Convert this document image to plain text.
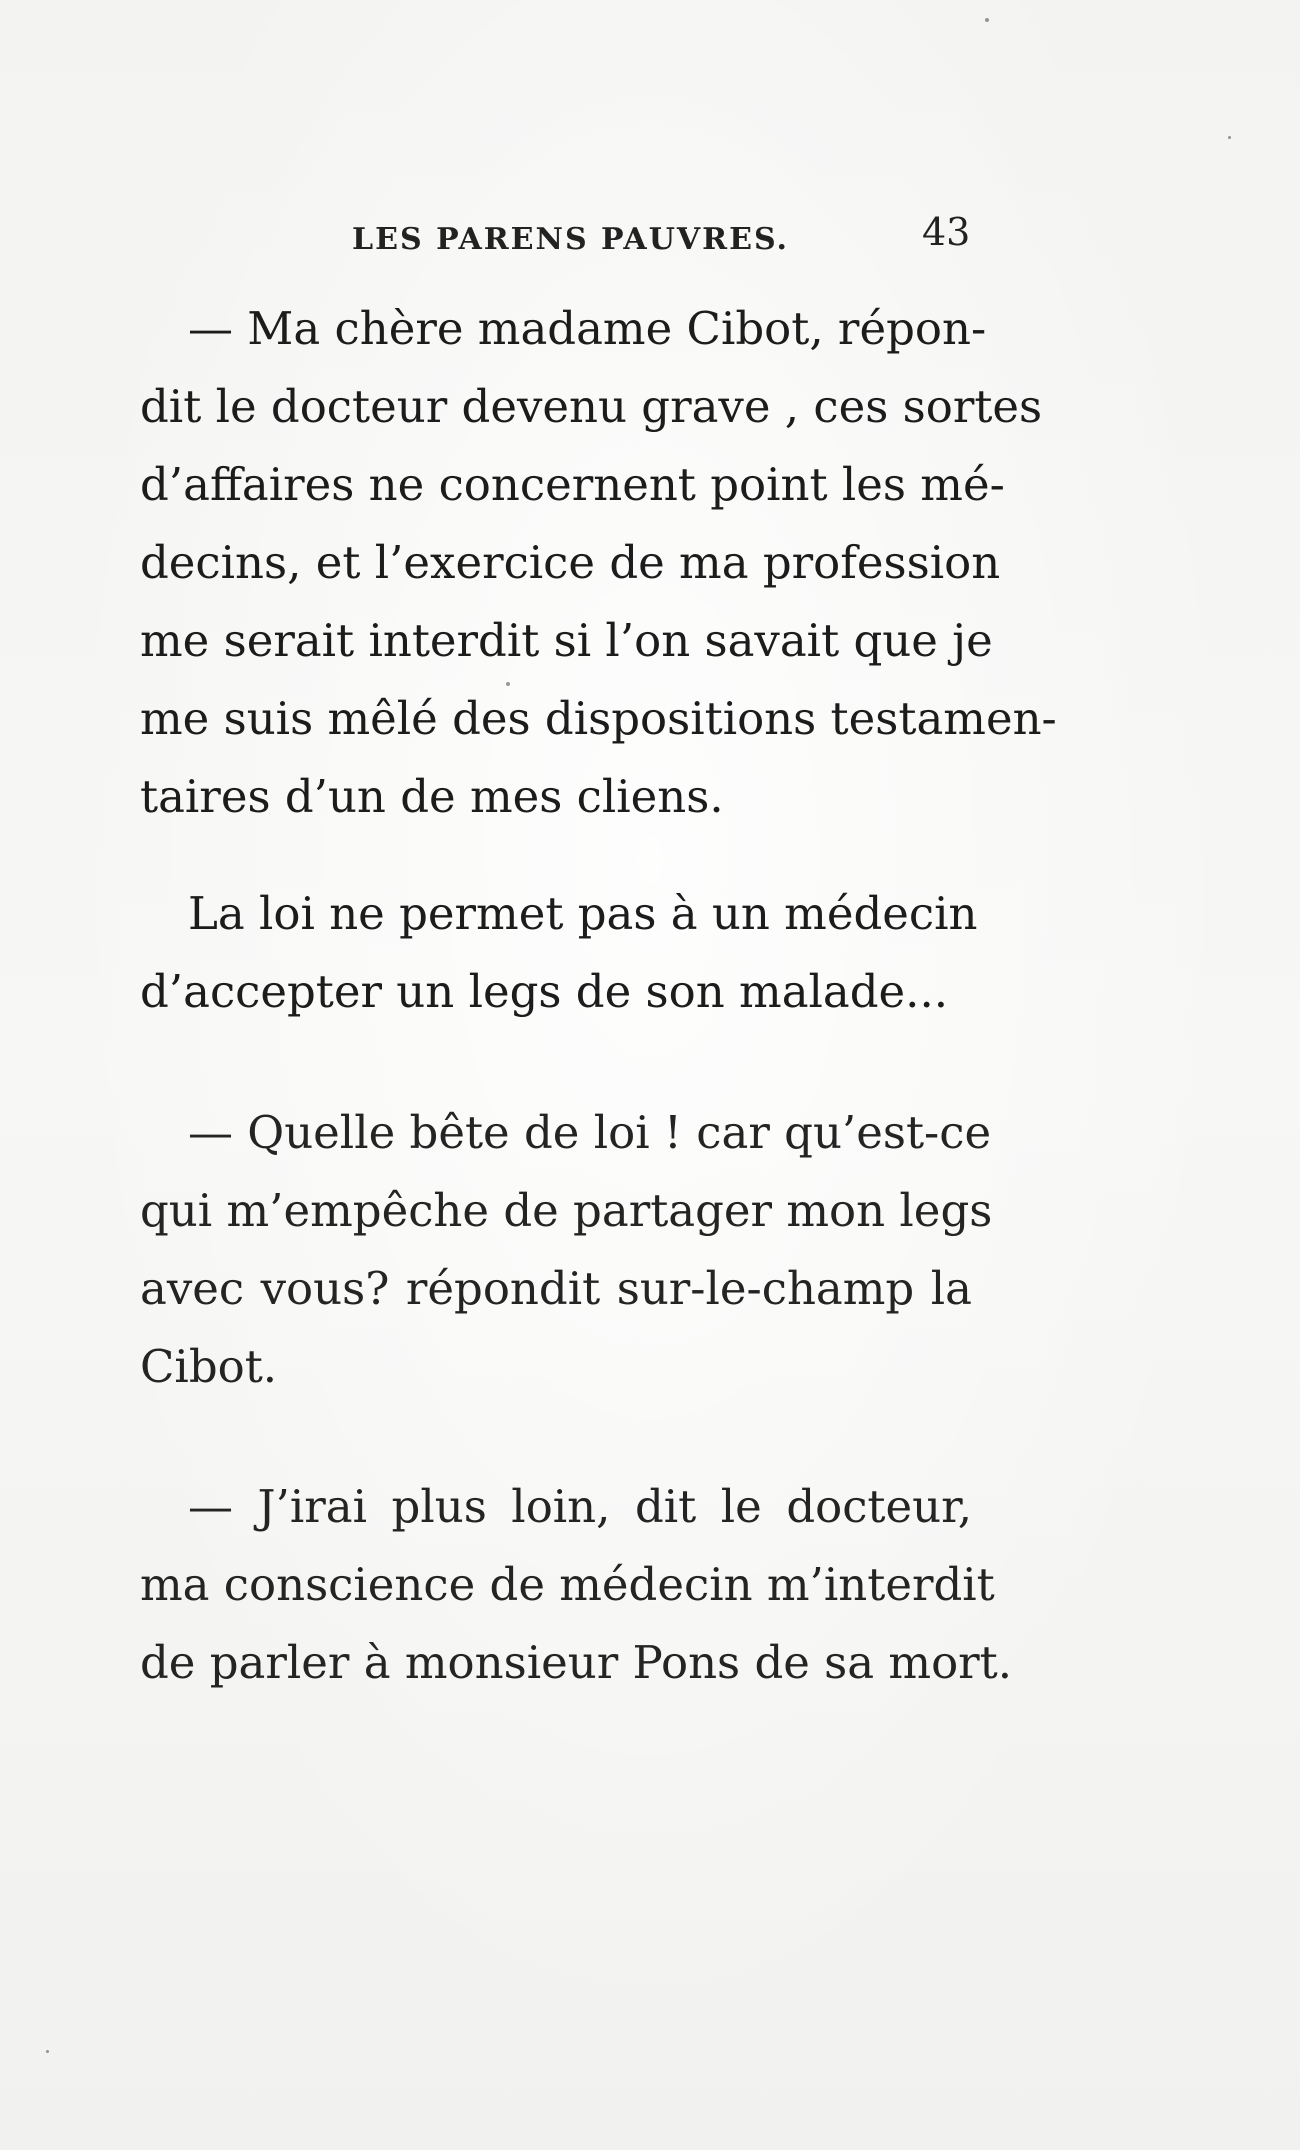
LES PARENS PAUVRES.	43
— Ma chère madame Cibot, répon-
dit le docteur devenu grave , ces sortes
d’affaires ne concernent point les mé-
decins, et l’exercice de ma profession
me serait interdit si l’on savait que je
me suis mêlé des dispositions testamen-
taires d’un de mes cliens.
La loi ne permet pas à un médecin
d’accepter un legs de son malade...
— Quelle bête de loi ! car qu’est-ce
qui m’empêche de partager mon legs
avec vous? répondit sur-le-champ la
Cibot.
— J’irai plus loin, dit le docteur,
ma conscience de médecin m’interdit
de parler à monsieur Pons de sa mort.
